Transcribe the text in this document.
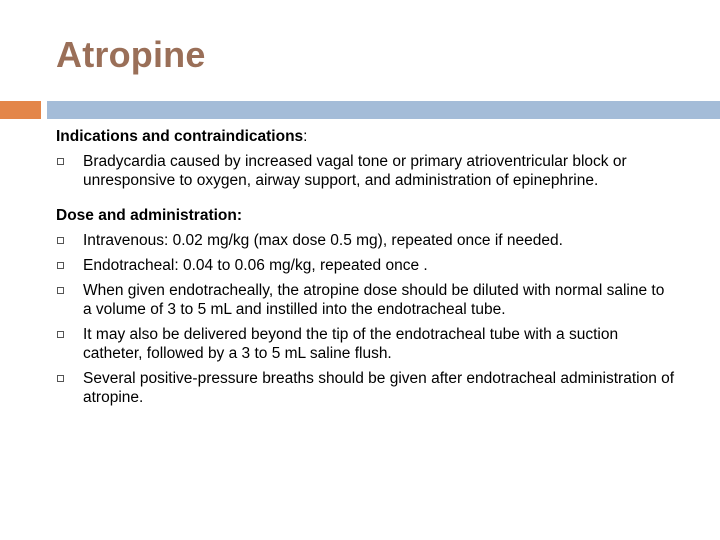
Atropine
Indications and contraindications:
Bradycardia caused by increased vagal tone or primary atrioventricular block or unresponsive to oxygen, airway support, and administration of epinephrine.
Dose and administration:
Intravenous: 0.02 mg/kg (max dose 0.5 mg), repeated once if needed.
Endotracheal: 0.04 to 0.06 mg/kg, repeated once .
When given endotracheally, the atropine dose should be diluted with normal saline to a volume of 3 to 5 mL and instilled into the endotracheal tube.
It may also be delivered beyond the tip of the endotracheal tube with a suction catheter, followed by a 3 to 5 mL saline flush.
Several positive-pressure breaths should be given after endotracheal administration of atropine.
